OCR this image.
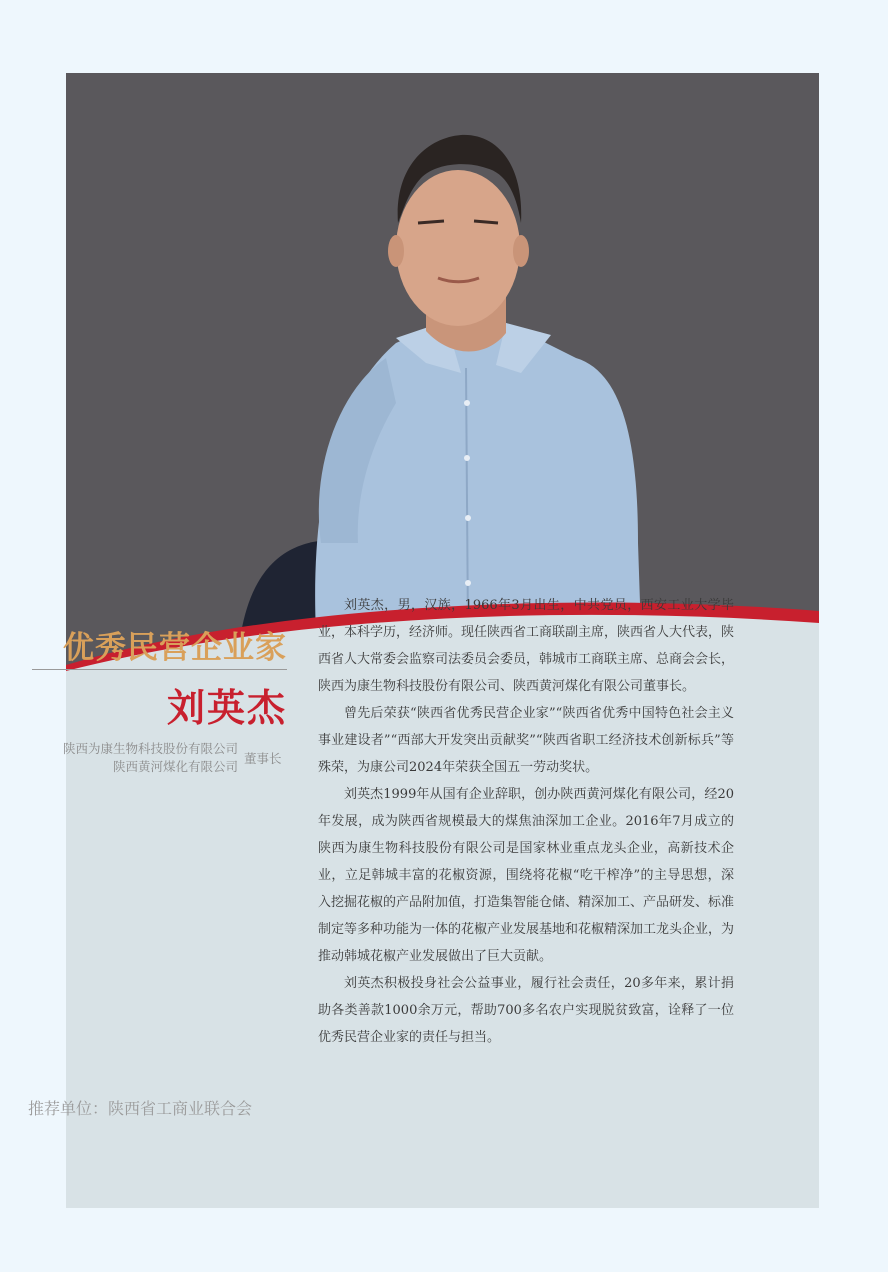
优秀民营企业家
刘英杰
陕西为康生物科技股份有限公司
陕西黄河煤化有限公司
董事长
推荐单位：陕西省工商业联合会

刘英杰，男，汉族，1966年3月出生，中共党员，西安工业大学毕业，本科学历，经济师。现任陕西省工商联副主席，陕西省人大代表，陕西省人大常委会监察司法委员会委员，韩城市工商联主席、总商会会长，陕西为康生物科技股份有限公司、陕西黄河煤化有限公司董事长。

曾先后荣获“陕西省优秀民营企业家”“陕西省优秀中国特色社会主义事业建设者”“西部大开发突出贡献奖”“陕西省职工经济技术创新标兵”等殊荣，为康公司2024年荣获全国五一劳动奖状。

刘英杰1999年从国有企业辞职，创办陕西黄河煤化有限公司，经20年发展，成为陕西省规模最大的煤焦油深加工企业。2016年7月成立的陕西为康生物科技股份有限公司是国家林业重点龙头企业，高新技术企业，立足韩城丰富的花椒资源，围绕将花椒“吃干榨净”的主导思想，深入挖掘花椒的产品附加值，打造集智能仓储、精深加工、产品研发、标准制定等多种功能为一体的花椒产业发展基地和花椒精深加工龙头企业，为推动韩城花椒产业发展做出了巨大贡献。

刘英杰积极投身社会公益事业，履行社会责任，20多年来，累计捐助各类善款1000余万元，帮助700多名农户实现脱贫致富，诠释了一位优秀民营企业家的责任与担当。
